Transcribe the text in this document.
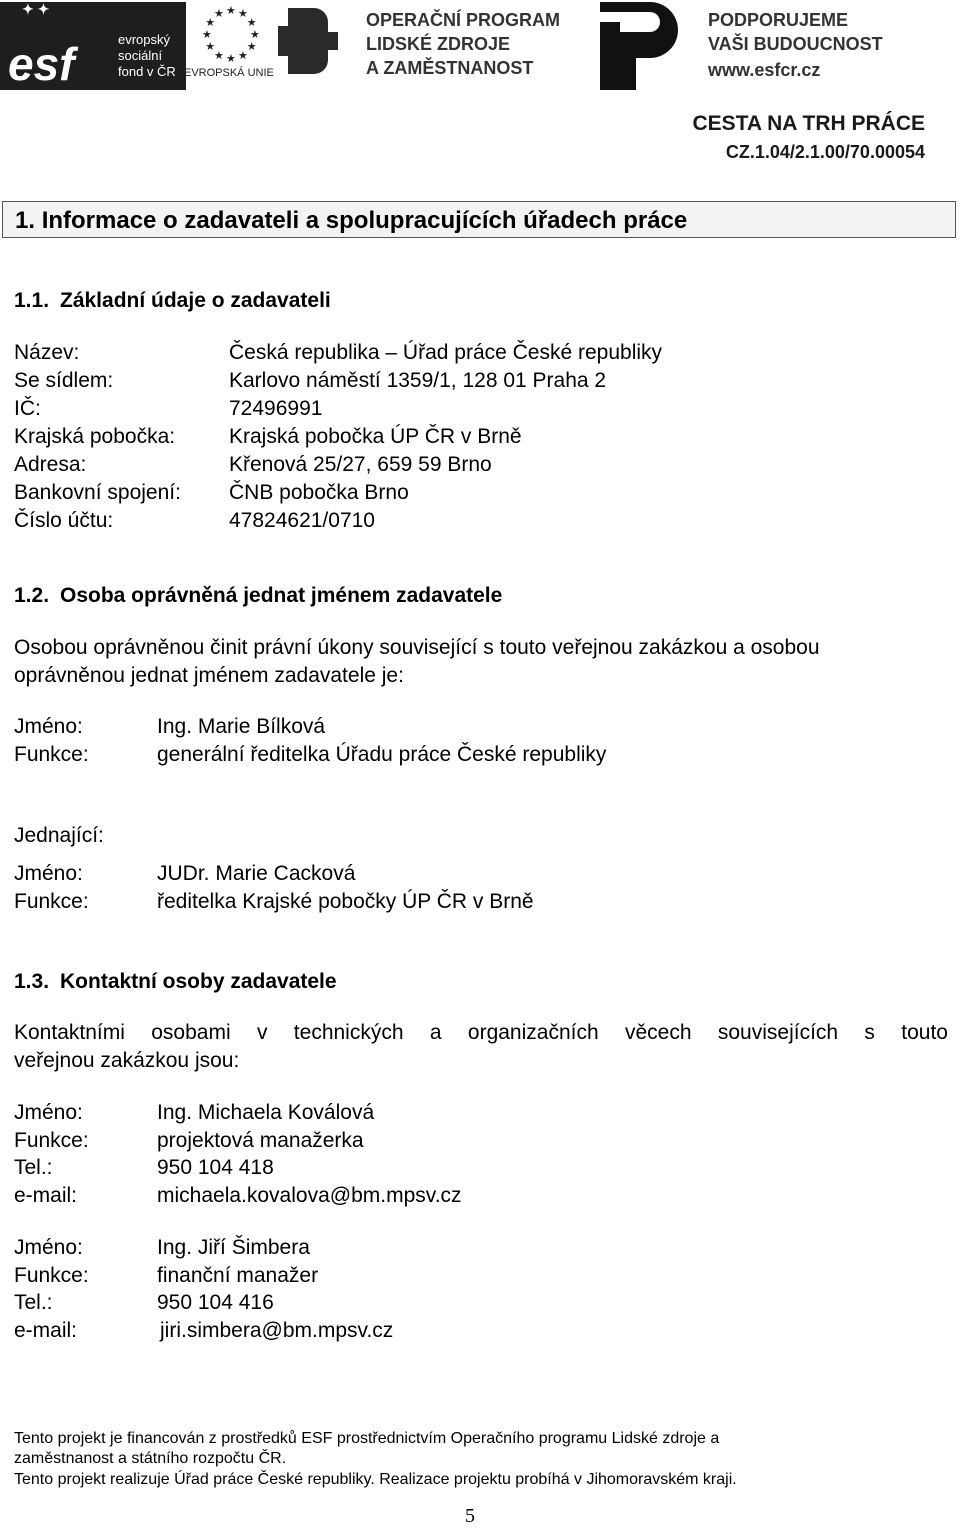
✦ ✦
esf	evropský
sociální
fond v ČR
★ ★
★
★
★
★
★
★
★
★
★
★
EVROPSKÁ UNIE
OPERAČNÍ PROGRAM
LIDSKÉ ZDROJE
A ZAMĚSTNANOST
PODPORUJEME
VAŠI BUDOUCNOST
www.esfcr.cz
CESTA NA TRH PRÁCE
CZ.1.04/2.1.00/70.00054
1. Informace o zadavateli a spolupracujících úřadech práce
1.1. Základní údaje o zadavateli
Název:	Česká republika – Úřad práce České republiky
Se sídlem:	Karlovo náměstí 1359/1, 128 01 Praha 2
IČ:	72496991
Krajská pobočka:	Krajská pobočka ÚP ČR v Brně
Adresa:	Křenová 25/27, 659 59 Brno
Bankovní spojení: ČNB pobočka Brno
Číslo účtu:	47824621/0710
1.2. Osoba oprávněná jednat jménem zadavatele
Osobou oprávněnou činit právní úkony související s touto veřejnou zakázkou a osobou
oprávněnou jednat jménem zadavatele je:
Jméno:	Ing. Marie Bílková
Funkce:	generální ředitelka Úřadu práce České republiky
Jednající:
Jméno:	JUDr. Marie Cacková
Funkce:	ředitelka Krajské pobočky ÚP ČR v Brně
1.3. Kontaktní osoby zadavatele
Kontaktními osobami v technických a organizačních věcech souvisejících s touto
veřejnou zakázkou jsou:
Jméno:	Ing. Michaela Koválová
Funkce:	projektová manažerka
Tel.:	950 104 418
e-mail:	michaela.kovalova@bm.mpsv.cz
Jméno:	Ing. Jiří Šimbera
Funkce:	finanční manažer
Tel.:	950 104 416
e-mail:	jiri.simbera@bm.mpsv.cz
Tento projekt je financován z prostředků ESF prostřednictvím Operačního programu Lidské zdroje a
zaměstnanost a státního rozpočtu ČR.
Tento projekt realizuje Úřad práce České republiky. Realizace projektu probíhá v Jihomoravském kraji.
5
